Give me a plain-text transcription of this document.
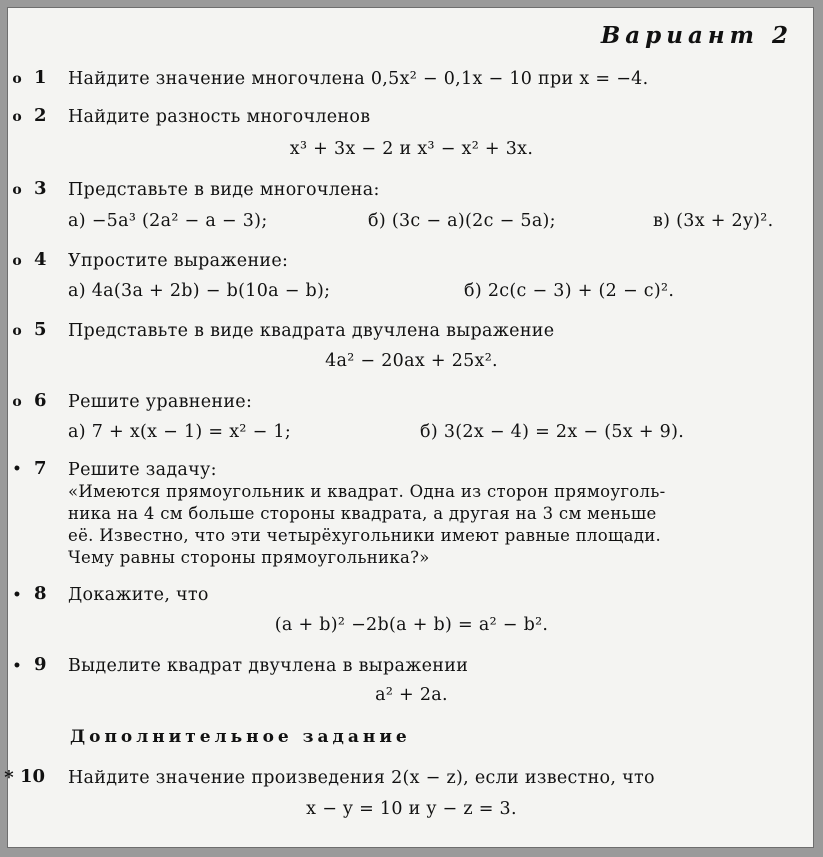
Вариант 2
o 1 Найдите значение многочлена 0,5x² − 0,1x − 10 при x = −4.
o 2 Найдите разность многочленов
x³ + 3x − 2 и x³ − x² + 3x.
o 3 Представьте в виде многочлена:
а) −5a³ (2a² − a − 3);	б) (3c − a)(2c − 5a);	в) (3x + 2y)².
o 4 Упростите выражение:
а) 4a(3a + 2b) − b(10a − b);	б) 2c(c − 3) + (2 − c)².
o 5 Представьте в виде квадрата двучлена выражение
4a² − 20ax + 25x².
o 6 Решите уравнение:
а) 7 + x(x − 1) = x² − 1;	б) 3(2x − 4) = 2x − (5x + 9).
• 7 Решите задачу:
«Имеются прямоугольник и квадрат. Одна из сторон прямоуголь-
ника на 4 см больше стороны квадрата, а другая на 3 см меньше
её. Известно, что эти четырёхугольники имеют равные площади.
Чему равны стороны прямоугольника?»
• 8 Докажите, что
(a + b)² −2b(a + b) = a² − b².
• 9 Выделите квадрат двучлена в выражении
a² + 2a.
Дополнительное задание
* 10 Найдите значение произведения 2(x − z), если известно, что
x − y = 10 и y − z = 3.
